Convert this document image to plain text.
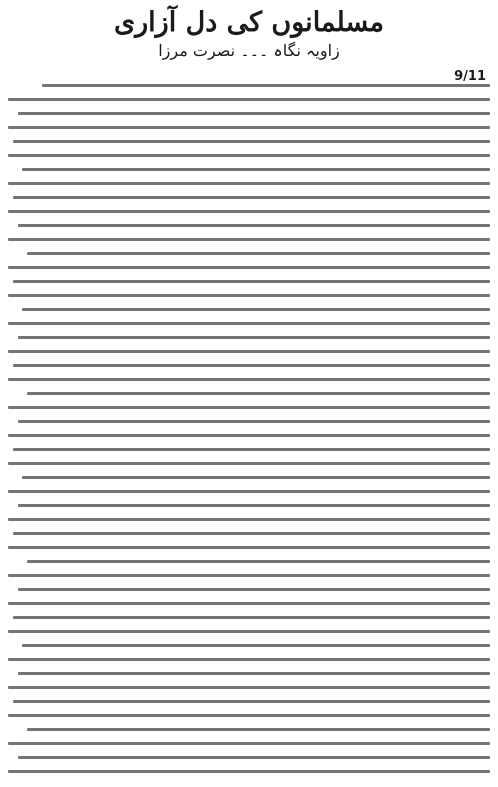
مسلمانوں کی دل آزاری
زاویہ نگاہ ۔۔۔ نصرت مرزا
9/11
